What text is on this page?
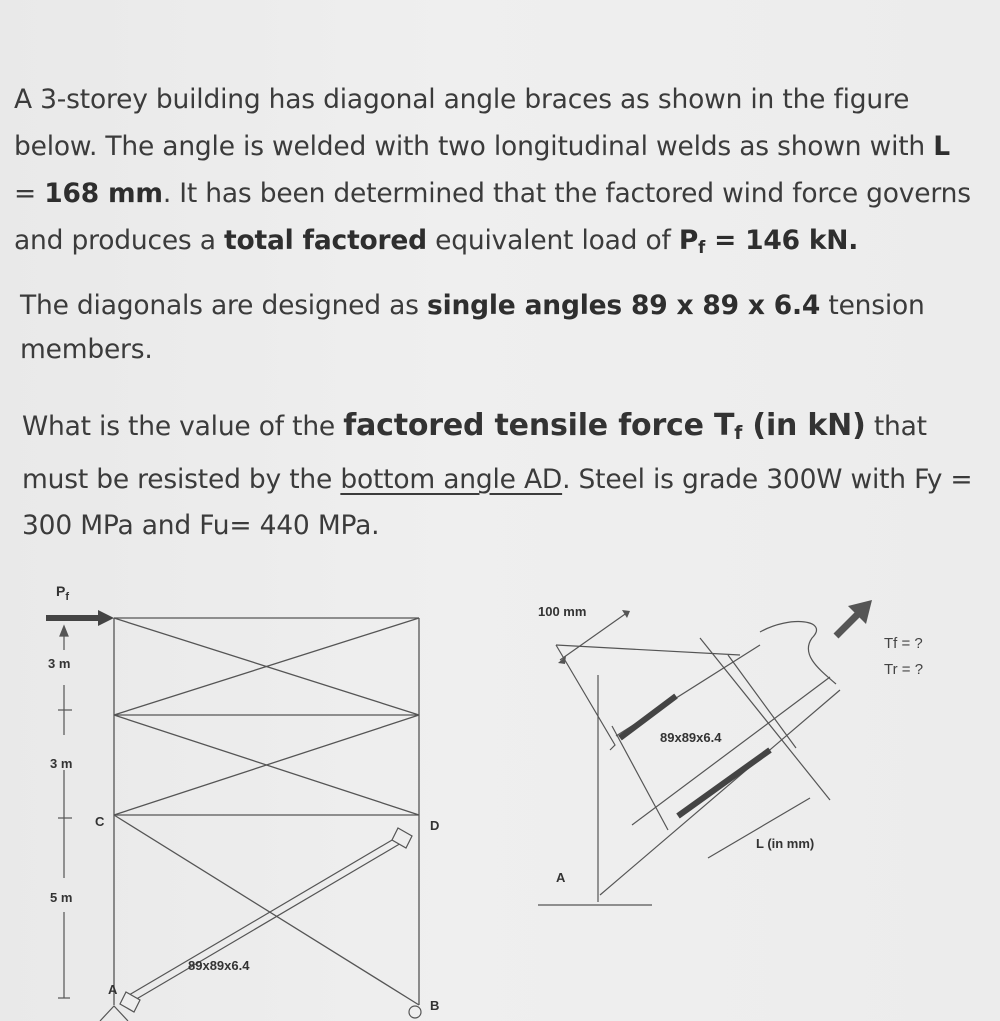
A 3-storey building has diagonal angle braces as shown in the figure below. The angle is welded with two longitudinal welds as shown with L = 168 mm. It has been determined that the factored wind force governs and produces a total factored equivalent load of $P_f = 146$ kN.
The diagonals are designed as single angles 89 x 89 x 6.4 tension members.
What is the value of the factored tensile force $T_f$ (in kN) that must be resisted by the bottom angle AD. Steel is grade 300W with Fy = 300 MPa and Fu= 440 MPa.
$P_f$
3 m
3 m
5 m
C	D
A
B
89x89x6.4
100 mm
89x89x6.4
L (in mm)
A
Tf = ?
Tr = ?
